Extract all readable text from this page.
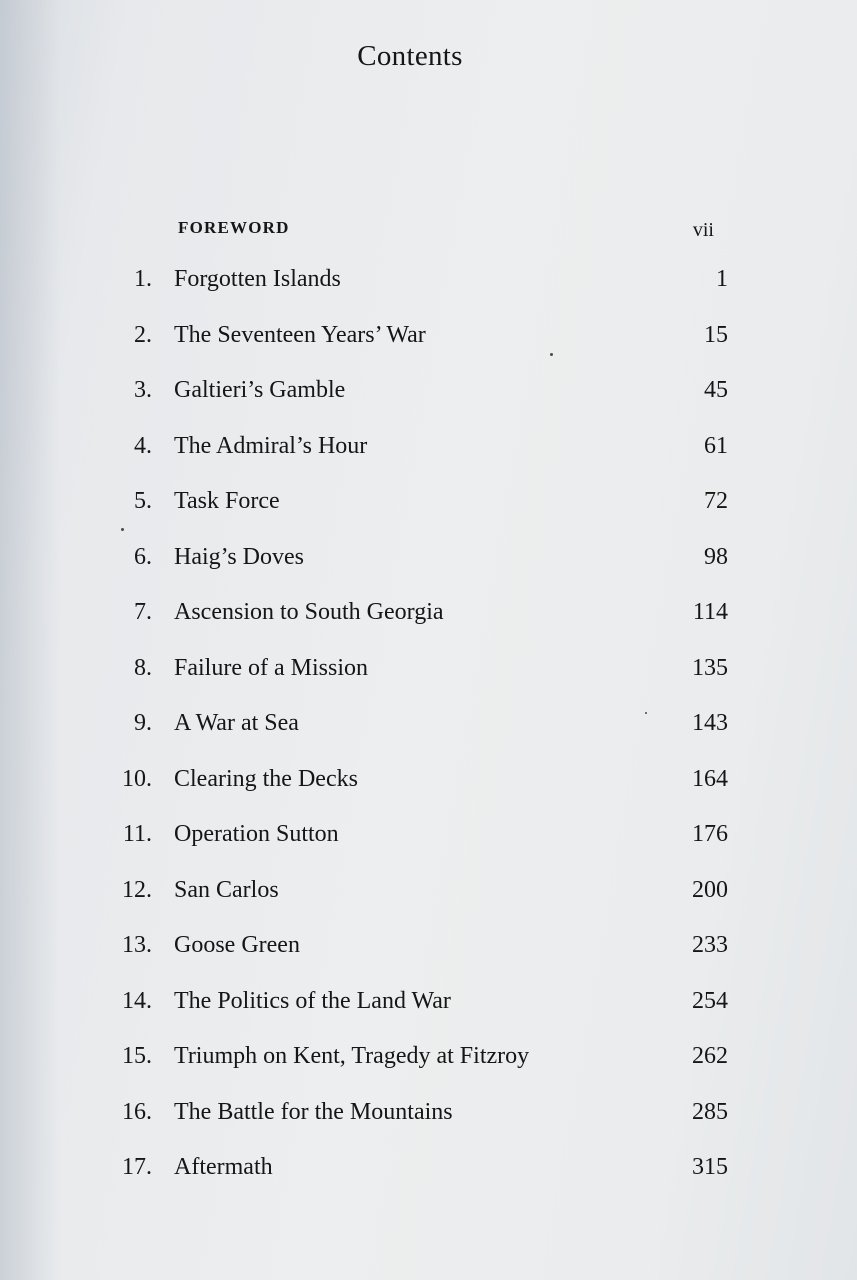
Contents
FOREWORD	vii
1. Forgotten Islands	1
2. The Seventeen Years’ War	15
3. Galtieri’s Gamble	45
4. The Admiral’s Hour	61
5. Task Force	72
6. Haig’s Doves	98
7. Ascension to South Georgia	114
8. Failure of a Mission	135
9. A War at Sea	143
10. Clearing the Decks	164
11. Operation Sutton	176
12. San Carlos	200
13. Goose Green	233
14. The Politics of the Land War	254
15. Triumph on Kent, Tragedy at Fitzroy	262
16. The Battle for the Mountains	285
17. Aftermath	315
